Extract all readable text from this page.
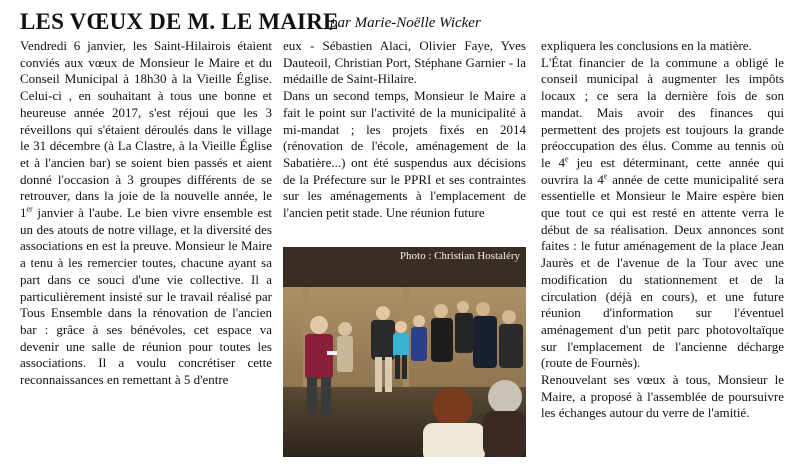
LES VŒUX DE M. LE MAIRE
par Marie-Noëlle Wicker

Vendredi 6 janvier, les Saint-Hilairois étaient conviés aux vœux de Monsieur le Maire et du Conseil Municipal à 18h30 à la Vieille Église. Celui-ci , en souhaitant à tous une bonne et heureuse année 2017, s'est réjoui que les 3 réveillons qui s'étaient déroulés dans le village le 31 décembre (à La Clastre, à la Vieille Église et à l'ancien bar) se soient bien passés et aient donné l'occasion à 3 groupes différents de se retrouver, dans la joie de la nouvelle année, le 1er janvier à l'aube. Le bien vivre ensemble est un des atouts de notre village, et la diversité des associations en est la preuve. Monsieur le Maire a tenu à les remercier toutes, chacune ayant sa part dans ce souci d'une vie collective. Il a particulièrement insisté sur le travail réalisé par Tous Ensemble dans la rénovation de l'ancien bar : grâce à ses bénévoles, cet espace va devenir une salle de réunion pour toutes les associations. Il a voulu concrétiser cette reconnaissances en remettant à 5 d'entre

eux - Sébastien Alaci, Olivier Faye, Yves Dauteoil, Christian Port, Stéphane Garnier - la médaille de Saint-Hilaire.

Dans un second temps, Monsieur le Maire a fait le point sur l'activité de la municipalité à mi-mandat ; les projets fixés en 2014 (rénovation de l'école, aménagement de la Sabatière...) ont été suspendus aux décisions de la Préfecture sur le PPRI et ses contraintes sur les aménagements à l'emplacement de l'ancien petit stade. Une réunion future

Photo : Christian Hostaléry

expliquera les conclusions en la matière.

L'État financier de la commune a obligé le conseil municipal à augmenter les impôts locaux ; ce sera la dernière fois de son mandat. Mais avoir des finances qui permettent des projets est toujours la grande préoccupation des élus. Comme au tennis où le 4e jeu est déterminant, cette année qui ouvrira la 4e année de cette municipalité sera essentielle et Monsieur le Maire espère bien que tout ce qui est resté en attente verra le début de sa réalisation. Deux annonces sont faites : le futur aménagement de la place Jean Jaurès et de l'avenue de la Tour avec une modification du stationnement et de la circulation (déjà en cours), et une future réunion d'information sur l'éventuel aménagement d'un petit parc photovoltaïque sur l'emplacement de l'ancienne décharge (route de Fournès).

Renouvelant ses vœux à tous, Monsieur le Maire, a proposé à l'assemblée de poursuivre les échanges autour du verre de l'amitié.
